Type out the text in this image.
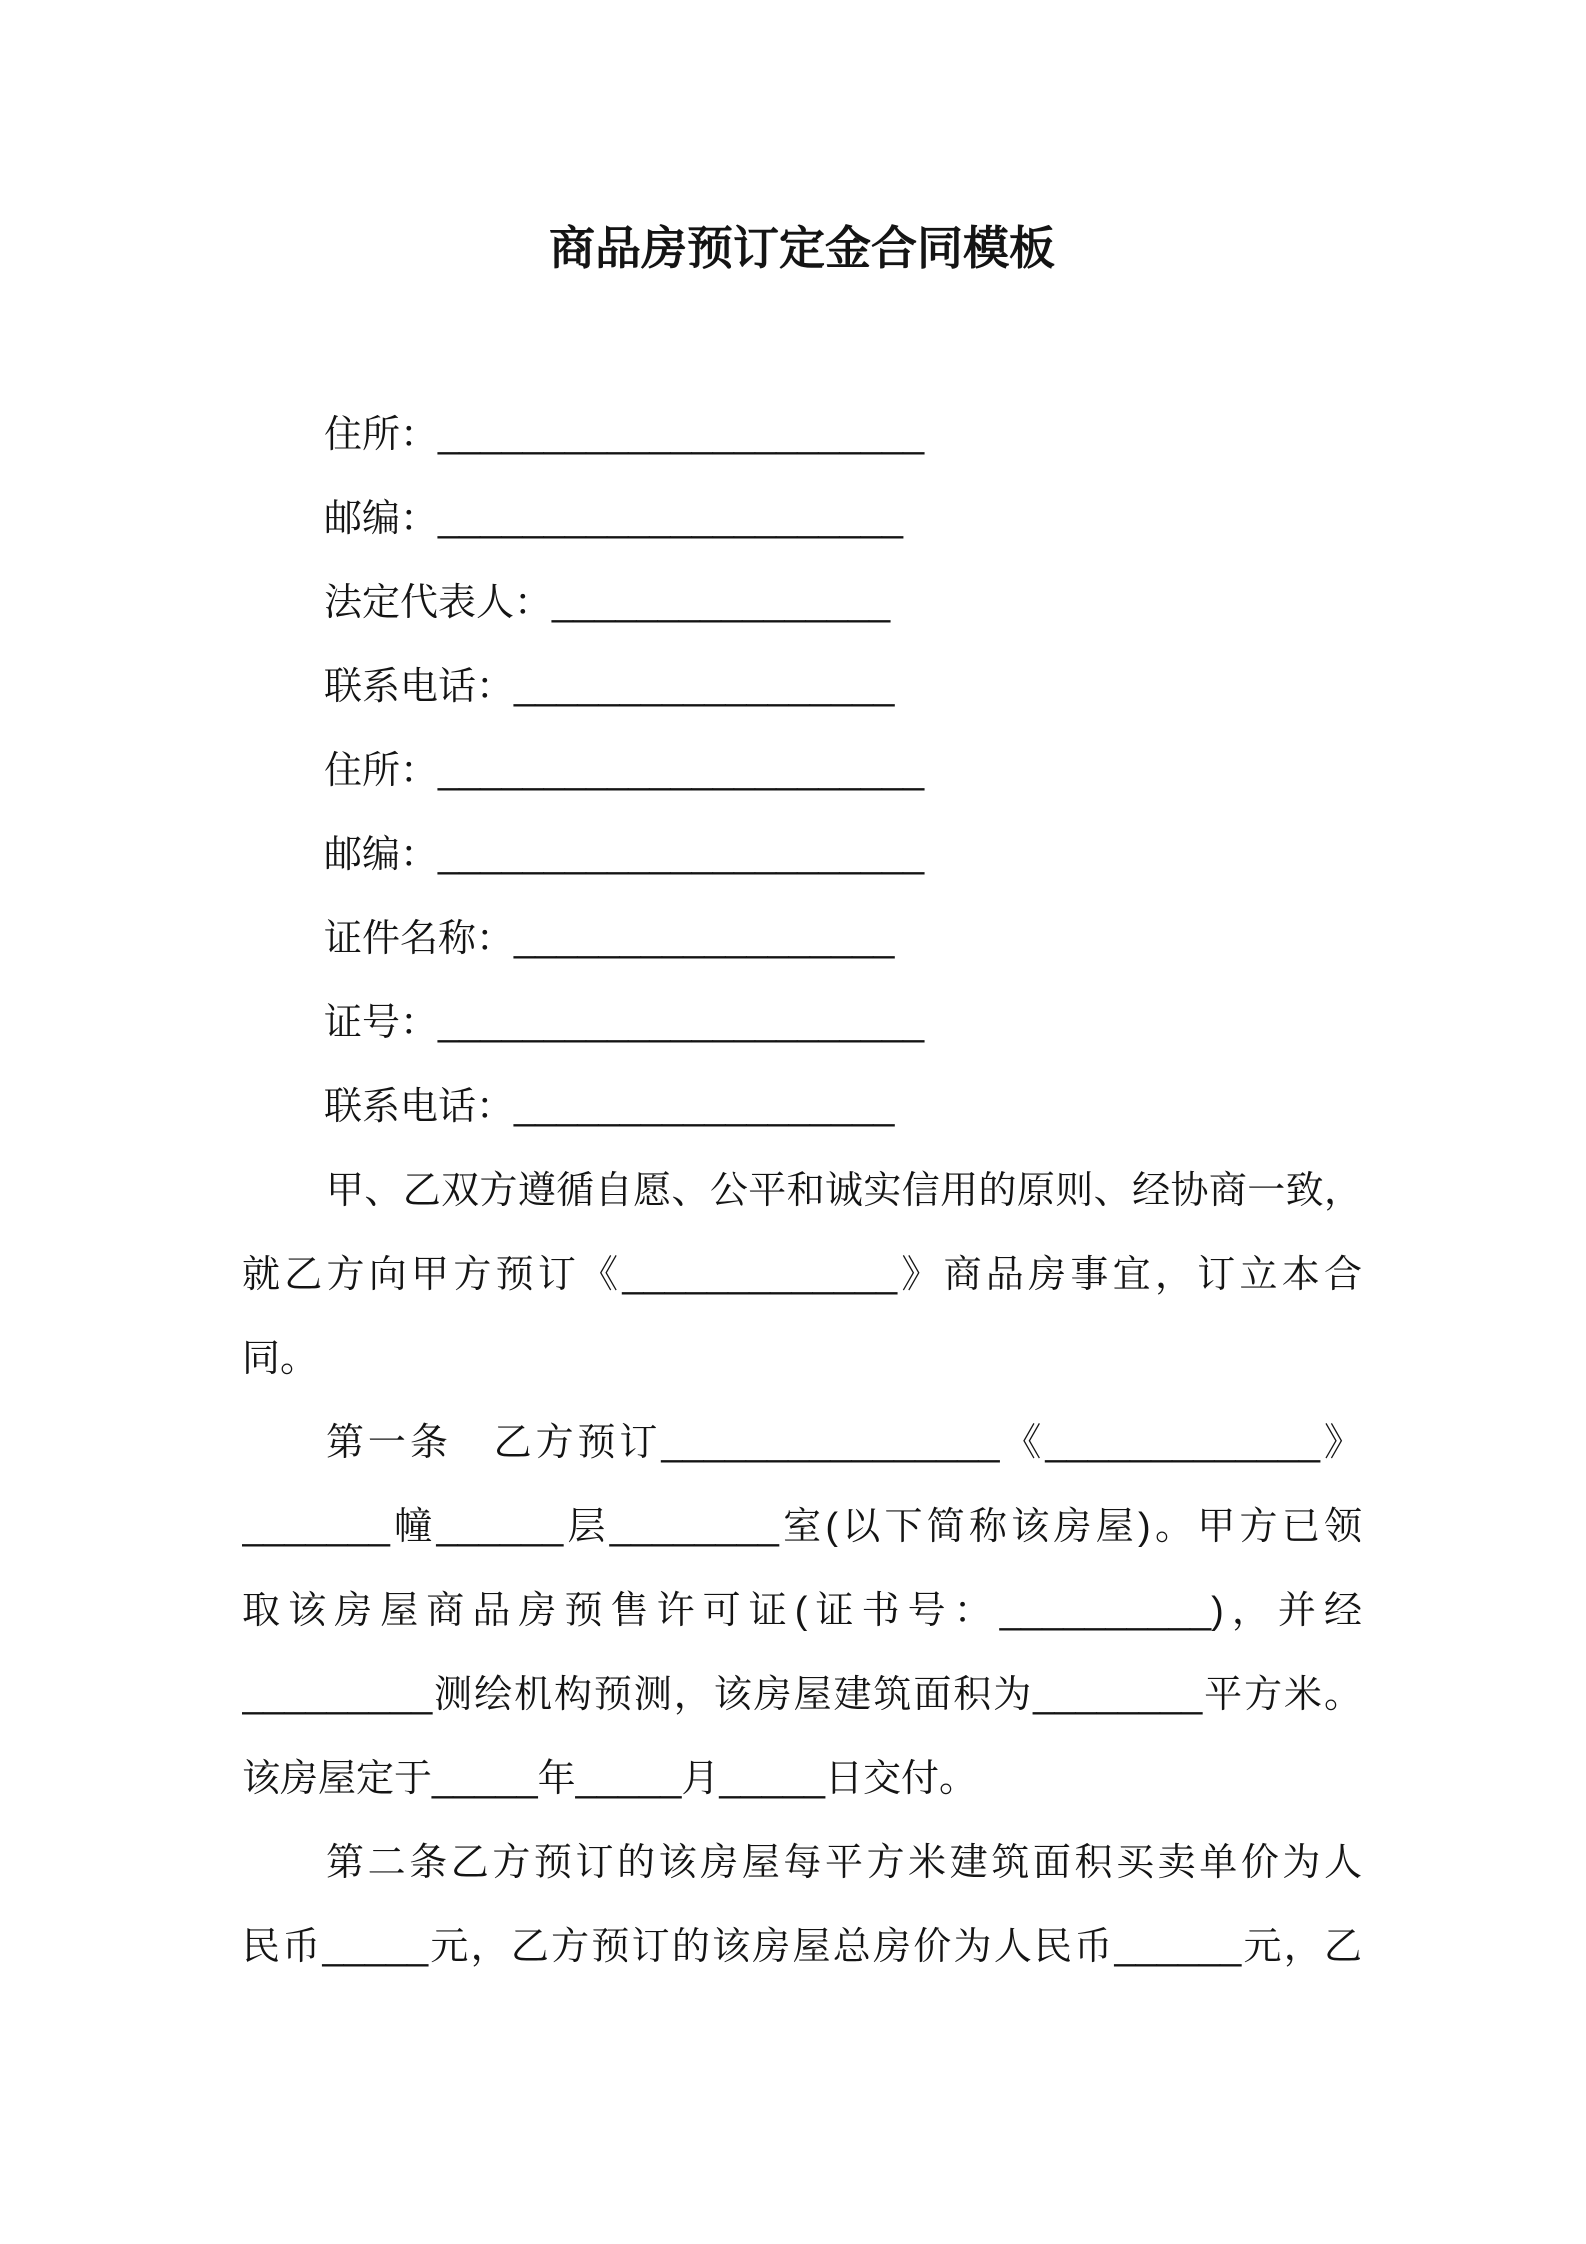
商品房预订定金合同模板
住所：_______________________
邮编：______________________
法定代表人：________________
联系电话：__________________
住所：_______________________
邮编：_______________________
证件名称：__________________
证号：_______________________
联系电话：__________________
甲、乙双方遵循自愿、公平和诚实信用的原则、经协商一致，
就乙方向甲方预订《_____________》商品房事宜，订立本合
同。
第一条　乙方预订________________《_____________》
_______幢______层________室(以下简称该房屋)。甲方已领
取该房屋商品房预售许可证(证书号：__________)，并经
_________测绘机构预测，该房屋建筑面积为________平方米。
该房屋定于_____年_____月_____日交付。
第二条乙方预订的该房屋每平方米建筑面积买卖单价为人
民币_____元，乙方预订的该房屋总房价为人民币______元，乙
